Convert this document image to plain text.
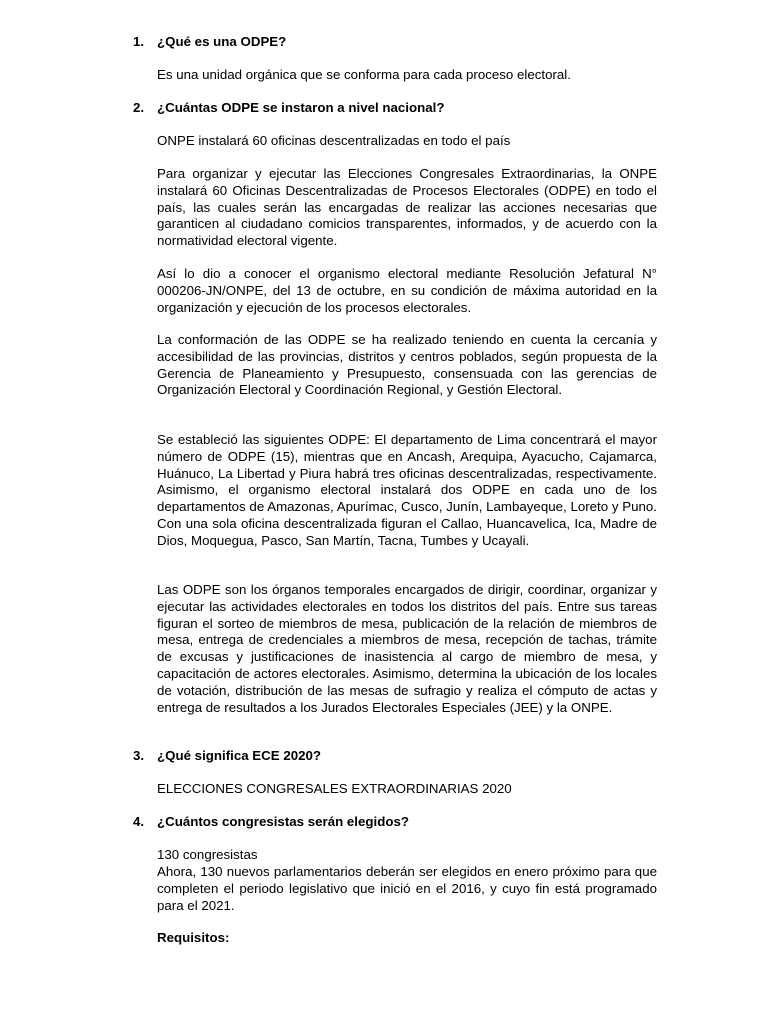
1. ¿Qué es una ODPE?
Es una unidad orgánica que se conforma para cada proceso electoral.
2. ¿Cuántas ODPE se instaron a nivel nacional?
ONPE instalará 60 oficinas descentralizadas en todo el país
Para organizar y ejecutar las Elecciones Congresales Extraordinarias, la ONPE instalará 60 Oficinas Descentralizadas de Procesos Electorales (ODPE) en todo el país, las cuales serán las encargadas de realizar las acciones necesarias que garanticen al ciudadano comicios transparentes, informados, y de acuerdo con la normatividad electoral vigente.
Así lo dio a conocer el organismo electoral mediante Resolución Jefatural N° 000206-JN/ONPE, del 13 de octubre, en su condición de máxima autoridad en la organización y ejecución de los procesos electorales.
La conformación de las ODPE se ha realizado teniendo en cuenta la cercanía y accesibilidad de las provincias, distritos y centros poblados, según propuesta de la Gerencia de Planeamiento y Presupuesto, consensuada con las gerencias de Organización Electoral y Coordinación Regional, y Gestión Electoral.
Se estableció las siguientes ODPE: El departamento de Lima concentrará el mayor número de ODPE (15), mientras que en Ancash, Arequipa, Ayacucho, Cajamarca, Huánuco, La Libertad y Piura habrá tres oficinas descentralizadas, respectivamente. Asimismo, el organismo electoral instalará dos ODPE en cada uno de los departamentos de Amazonas, Apurímac, Cusco, Junín, Lambayeque, Loreto y Puno. Con una sola oficina descentralizada figuran el Callao, Huancavelica, Ica, Madre de Dios, Moquegua, Pasco, San Martín, Tacna, Tumbes y Ucayali.
Las ODPE son los órganos temporales encargados de dirigir, coordinar, organizar y ejecutar las actividades electorales en todos los distritos del país. Entre sus tareas figuran el sorteo de miembros de mesa, publicación de la relación de miembros de mesa, entrega de credenciales a miembros de mesa, recepción de tachas, trámite de excusas y justificaciones de inasistencia al cargo de miembro de mesa, y capacitación de actores electorales. Asimismo, determina la ubicación de los locales de votación, distribución de las mesas de sufragio y realiza el cómputo de actas y entrega de resultados a los Jurados Electorales Especiales (JEE) y la ONPE.
3. ¿Qué significa ECE 2020?
ELECCIONES CONGRESALES EXTRAORDINARIAS 2020
4. ¿Cuántos congresistas serán elegidos?
130 congresistas
Ahora, 130 nuevos parlamentarios deberán ser elegidos en enero próximo para que completen el periodo legislativo que inició en el 2016, y cuyo fin está programado para el 2021.
Requisitos:
